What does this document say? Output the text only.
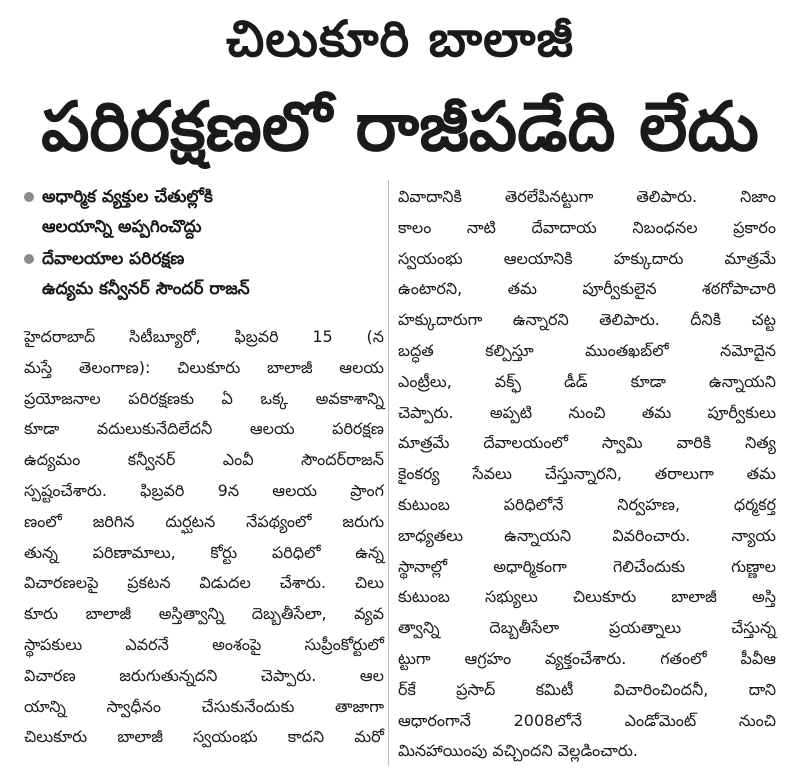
చిలుకూరి బాలాజీ
పరిరక్షణలో రాజీపడేది లేదు
అధార్మిక వ్యక్తుల చేతుల్లోకి
ఆలయాన్ని అప్పగించొద్దు
దేవాలయాల పరిరక్షణ
ఉద్యమ కన్వీనర్ సౌందర్ రాజన్
హైదరాబాద్ సిటీబ్యూరో, ఫిబ్రవరి 15 (న
మస్తే తెలంగాణ): చిలుకూరు బాలాజీ ఆలయ
ప్రయోజనాల పరిరక్షణకు ఏ ఒక్క అవకాశాన్ని
కూడా వదులుకునేదిలేదనీ ఆలయ పరిరక్షణ
ఉద్యమం కన్వీనర్ ఎంవీ సౌందర్‌రాజన్
స్పష్టంచేశారు. ఫిబ్రవరి 9న ఆలయ ప్రాంగ
ణంలో జరిగిన దుర్ఘటన నేపథ్యంలో జరుగు
తున్న పరిణామాలు, కోర్టు పరిధిలో ఉన్న
విచారణలపై ప్రకటన విడుదల చేశారు. చిలు
కూరు బాలాజీ అస్తిత్వాన్ని దెబ్బతీసేలా, వ్యవ
స్థాపకులు ఎవరనే అంశంపై సుప్రీంకోర్టులో
విచారణ జరుగుతున్నదని చెప్పారు. ఆల
యాన్ని స్వాధీనం చేసుకునేందుకు తాజాగా
చిలుకూరు బాలాజీ స్వయంభు కాదని మరో
వివాదానికి తెరలేపినట్టుగా తెలిపారు. నిజాం
కాలం నాటి దేవాదాయ నిబంధనల ప్రకారం
స్వయంభు ఆలయానికి హక్కుదారు మాత్రమే
ఉంటారని, తమ పూర్వీకులైన శఠగోపాచారి
హక్కుదారుగా ఉన్నారని తెలిపారు. దీనికి చట్ట
బద్ధత కల్పిస్తూ ముంతఖబ్‌లో నమోదైన
ఎంట్రీలు, వక్ఫ్ డీడ్ కూడా ఉన్నాయని
చెప్పారు. అప్పటి నుంచి తమ పూర్వీకులు
మాత్రమే దేవాలయంలో స్వామి వారికి నిత్య
కైంకర్య సేవలు చేస్తున్నారని, తరాలుగా తమ
కుటుంబ పరిధిలోనే నిర్వహణ, ధర్మకర్త
బాధ్యతలు ఉన్నాయని వివరించారు. న్యాయ
స్థానాల్లో అధార్మికంగా గెలిచేందుకు గుణ్ణాల
కుటుంబ సభ్యులు చిలుకూరు బాలాజీ అస్తి
త్వాన్ని దెబ్బతీసేలా ప్రయత్నాలు చేస్తున్న
ట్టుగా ఆగ్రహం వ్యక్తంచేశారు. గతంలో పీవీఆ
ర్‌కే ప్రసాద్ కమిటీ విచారించిందనీ, దాని
ఆధారంగానే 2008లోనే ఎండోమెంట్ నుంచి
మినహాయింపు వచ్చిందని వెల్లడించారు.
